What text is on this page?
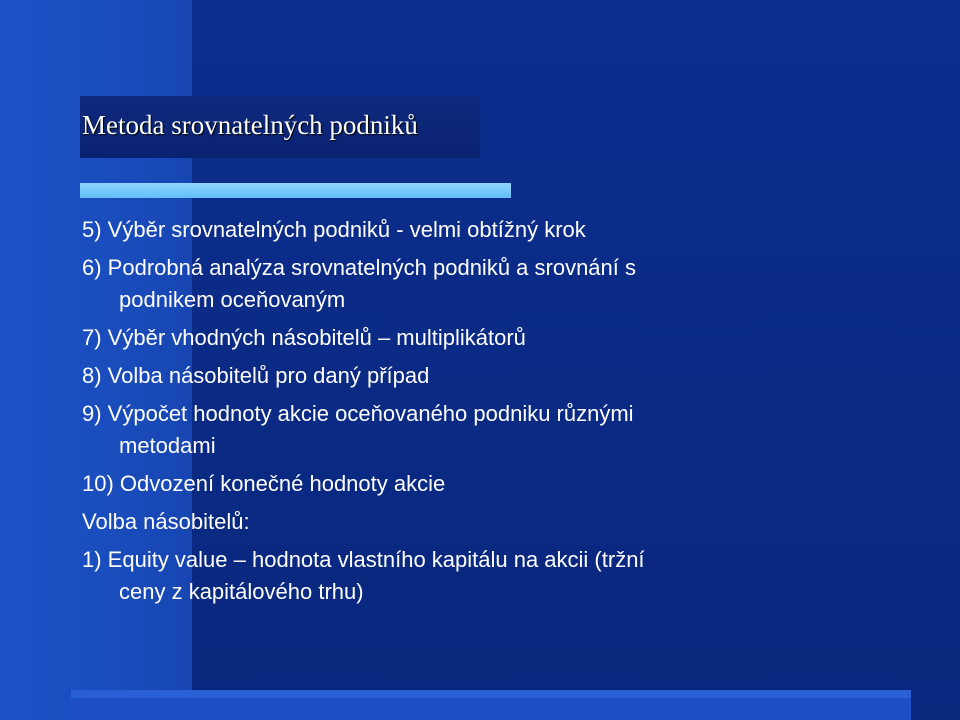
Metoda srovnatelných podniků
5) Výběr srovnatelných podniků - velmi obtížný krok
6) Podrobná analýza srovnatelných podniků a srovnání s
podnikem oceňovaným
7) Výběr vhodných násobitelů – multiplikátorů
8) Volba násobitelů pro daný případ
9) Výpočet hodnoty akcie oceňovaného podniku různými
metodami
10) Odvození konečné hodnoty akcie
Volba násobitelů:
1) Equity value – hodnota vlastního kapitálu na akcii (tržní
ceny z kapitálového trhu)
